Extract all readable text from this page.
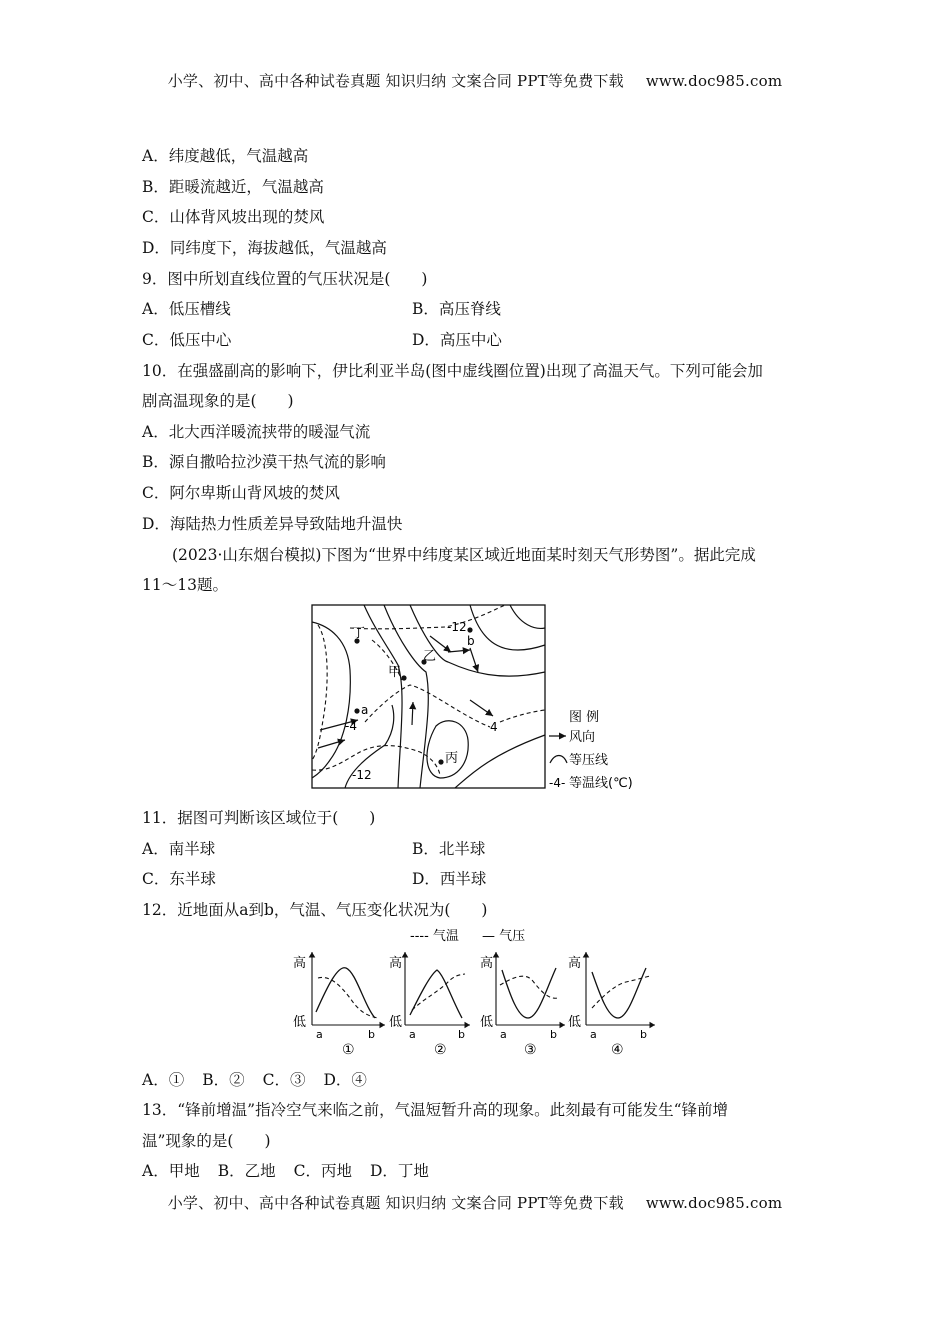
小学、初中、高中各种试卷真题 知识归纳 文案合同 PPT等免费下载 www.doc985.com
A．纬度越低，气温越高
B．距暖流越近，气温越高
C．山体背风坡出现的焚风
D．同纬度下，海拔越低，气温越高
9．图中所划直线位置的气压状况是(　　)
A．低压槽线	B．高压脊线
C．低压中心	D．高压中心
10．在强盛副高的影响下，伊比利亚半岛(图中虚线圈位置)出现了高温天气。下列可能会加
剧高温现象的是(　　)
A．北大西洋暖流挟带的暖湿气流
B．源自撒哈拉沙漠干热气流的影响
C．阿尔卑斯山背风坡的焚风
D．海陆热力性质差异导致陆地升温快
(2023·山东烟台模拟)下图为“世界中纬度某区域近地面某时刻天气形势图”。据此完成
11～13题。
丁
甲
乙
丙
a
b
-12
-4	4
-12
图 例
风向
等压线
-4- 等温线(℃)
11．据图可判断该区域位于(　　)
A．南半球	B．北半球
C．东半球	D．西半球
12．近地面从a到b，气温、气压变化状况为(　　)
---- 气温 — 气压
高
低
a	b
①
高
低
a	b
②
高
低
a	b
③
高
低
a	b
④
A．① B．② C．③ D．④
13．“锋前增温”指冷空气来临之前，气温短暂升高的现象。此刻最有可能发生“锋前增
温”现象的是(　　)
A．甲地 B．乙地 C．丙地 D．丁地
小学、初中、高中各种试卷真题 知识归纳 文案合同 PPT等免费下载 www.doc985.com
